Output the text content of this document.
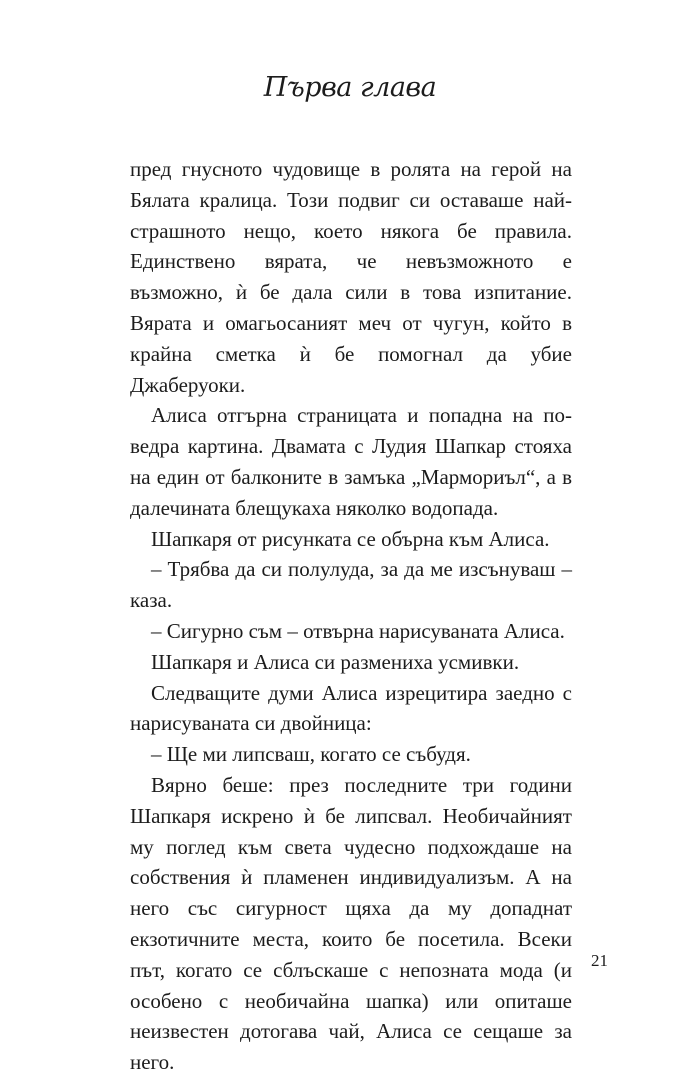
Първа глава

пред гнусното чудовище в ролята на герой на Бялата кралица. Този подвиг си оставаше най-страшното нещо, което някога бе правила. Единствено вярата, че невъзможното е възможно, ѝ бе дала сили в това изпитание. Вярата и омагьосаният меч от чугун, който в крайна сметка ѝ бе помогнал да убие Джаберуоки.

Алиса отгърна страницата и попадна на по-ведра картина. Двамата с Лудия Шапкар стояха на един от балконите в замъка „Мармориъл“, а в далечината блещукаха няколко водопада.

Шапкаря от рисунката се обърна към Алиса.

– Трябва да си полулуда, за да ме изсънуваш – каза.

– Сигурно съм – отвърна нарисуваната Алиса.

Шапкаря и Алиса си размениха усмивки.

Следващите думи Алиса изрецитира заедно с нарисуваната си двойница:

– Ще ми липсваш, когато се събудя.

Вярно беше: през последните три години Шапкаря искрено ѝ бе липсвал. Необичайният му поглед към света чудесно подхождаше на собствения ѝ пламенен индивидуализъм. А на него със сигурност щяха да му допаднат екзотичните места, които бе посетила. Всеки път, когато се сблъскаше с непозната мода (и особено с необичайна шапка) или опиташе неизвестен дотогава чай, Алиса се сещаше за него.

21
